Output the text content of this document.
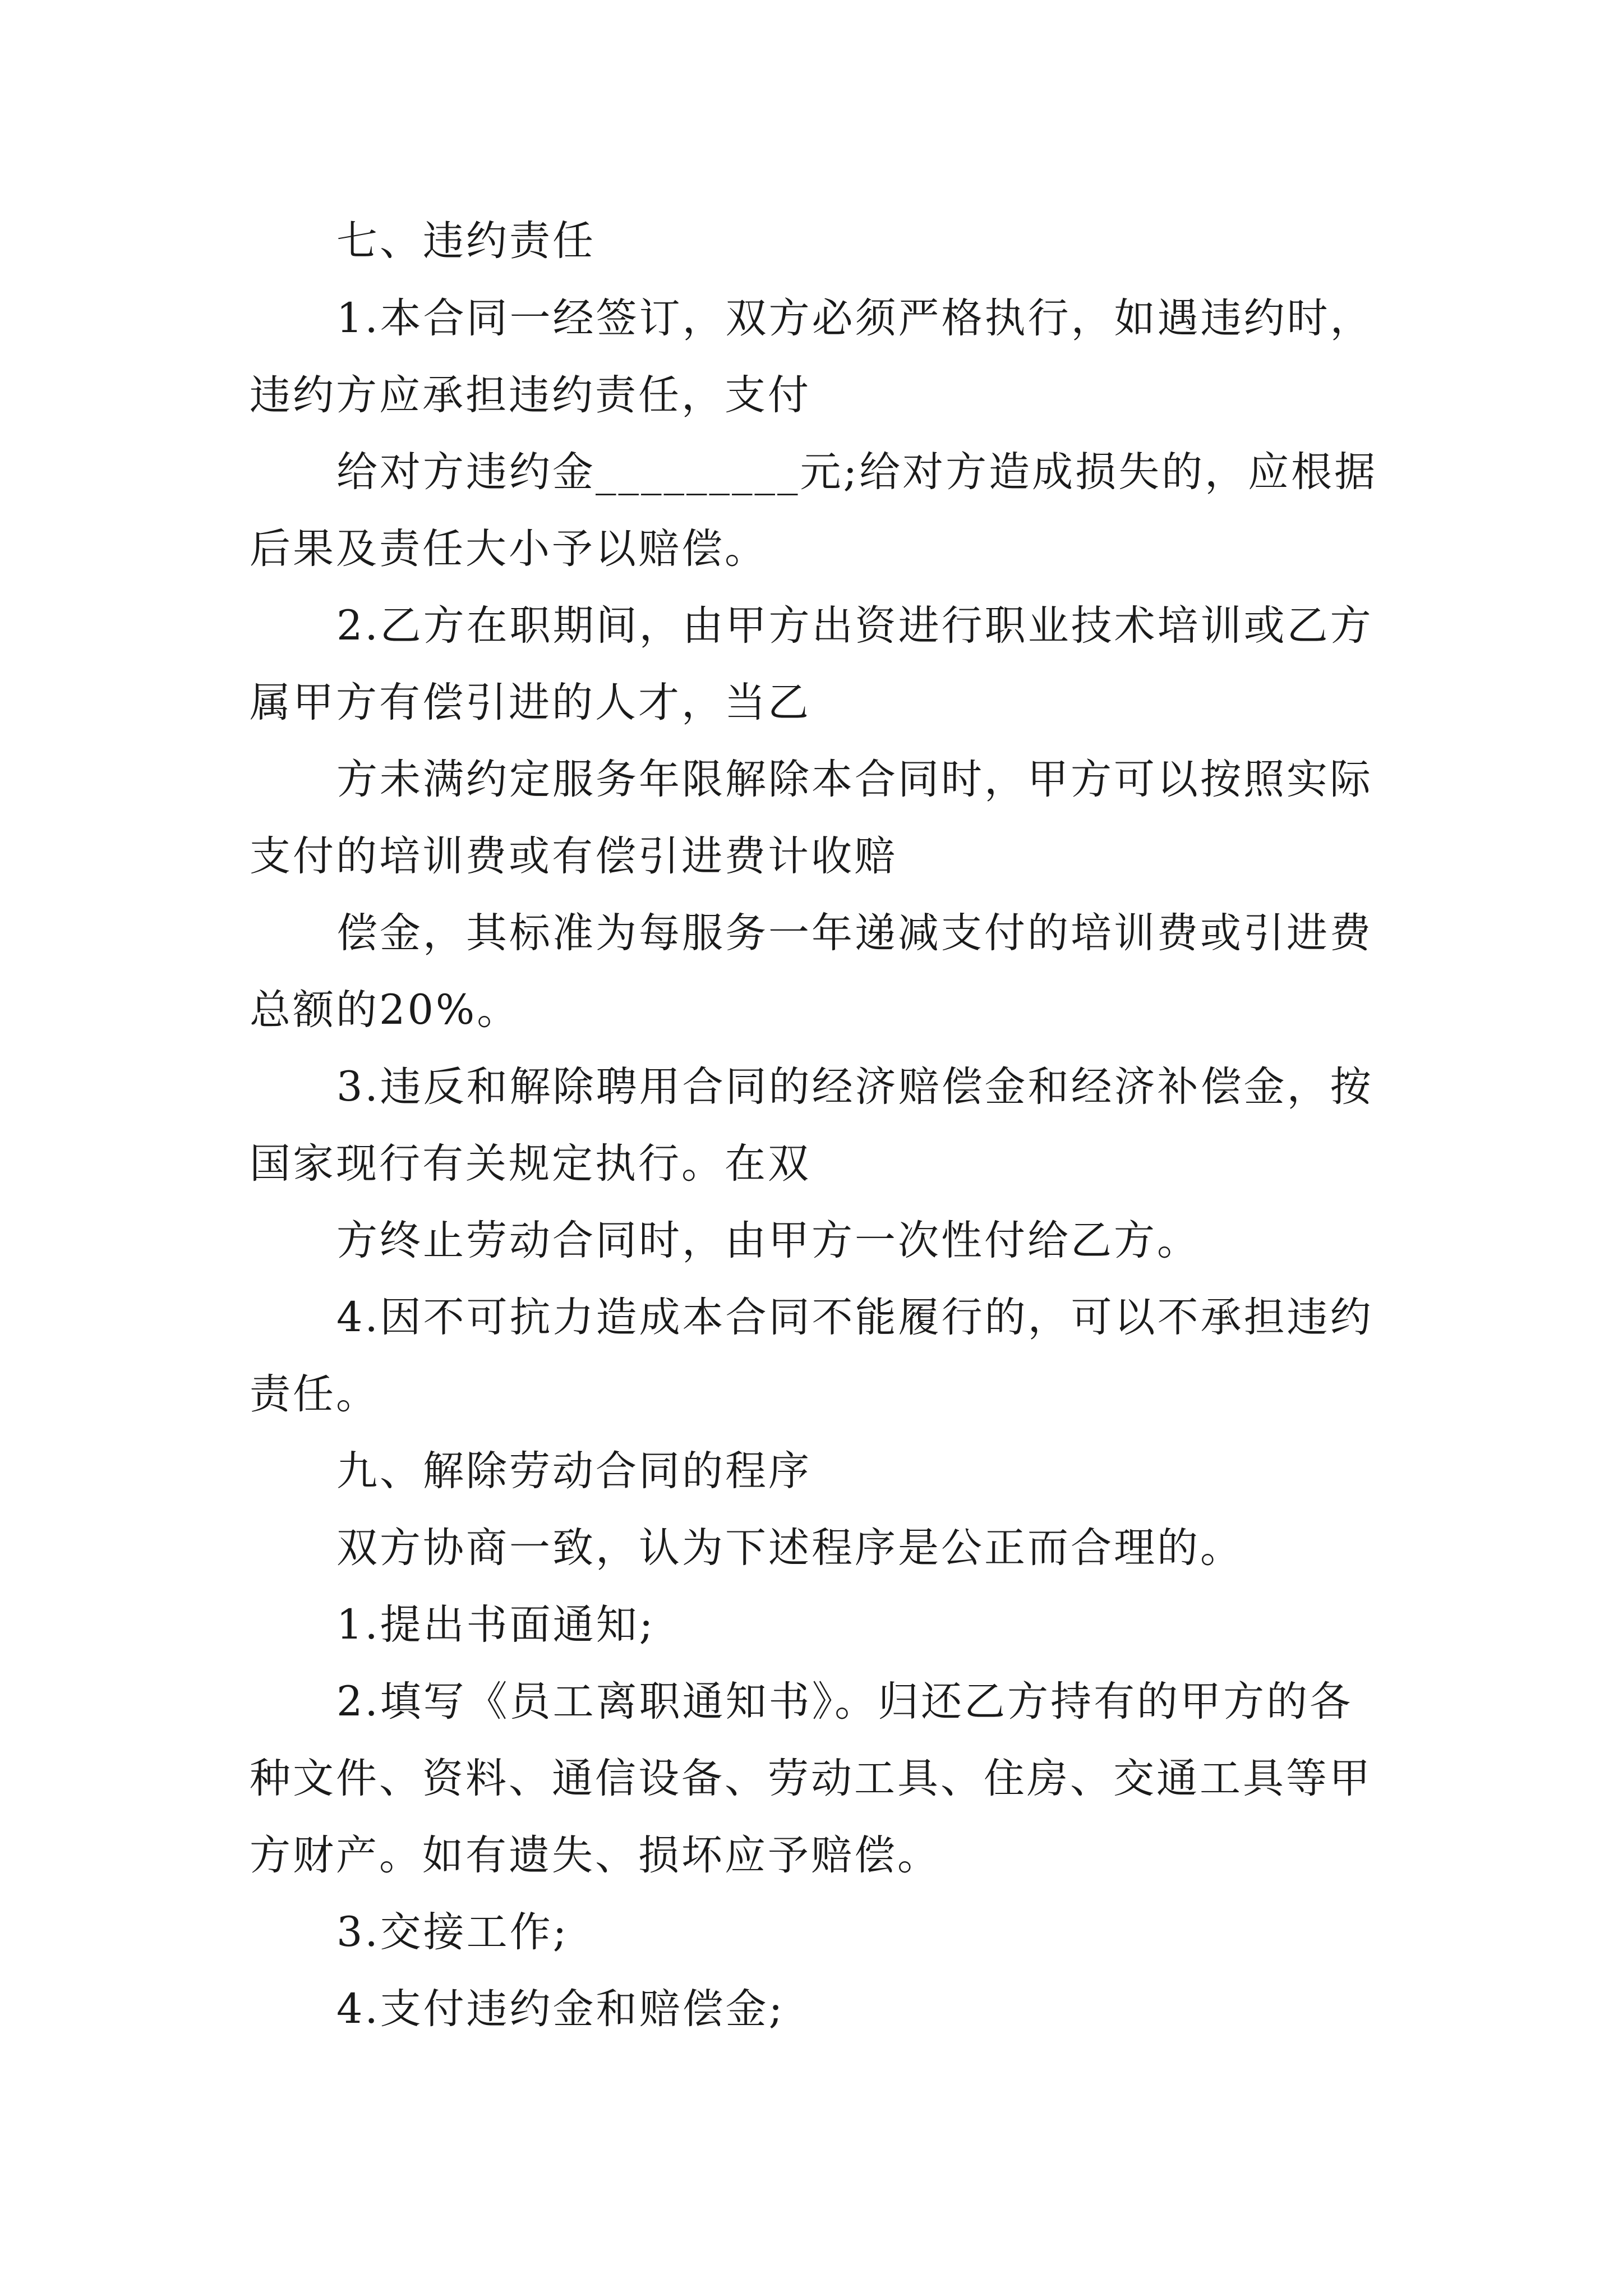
七、违约责任
1.本合同一经签订，双方必须严格执行，如遇违约时，
违约方应承担违约责任，支付
给对方违约金_________元;给对方造成损失的，应根据
后果及责任大小予以赔偿。
2.乙方在职期间，由甲方出资进行职业技术培训或乙方
属甲方有偿引进的人才，当乙
方未满约定服务年限解除本合同时，甲方可以按照实际
支付的培训费或有偿引进费计收赔
偿金，其标准为每服务一年递减支付的培训费或引进费
总额的20%。
3.违反和解除聘用合同的经济赔偿金和经济补偿金，按
国家现行有关规定执行。在双
方终止劳动合同时，由甲方一次性付给乙方。
4.因不可抗力造成本合同不能履行的，可以不承担违约
责任。
九、解除劳动合同的程序
双方协商一致，认为下述程序是公正而合理的。
1.提出书面通知;
2.填写《员工离职通知书》。归还乙方持有的甲方的各
种文件、资料、通信设备、劳动工具、住房、交通工具等甲
方财产。如有遗失、损坏应予赔偿。
3.交接工作;
4.支付违约金和赔偿金;
